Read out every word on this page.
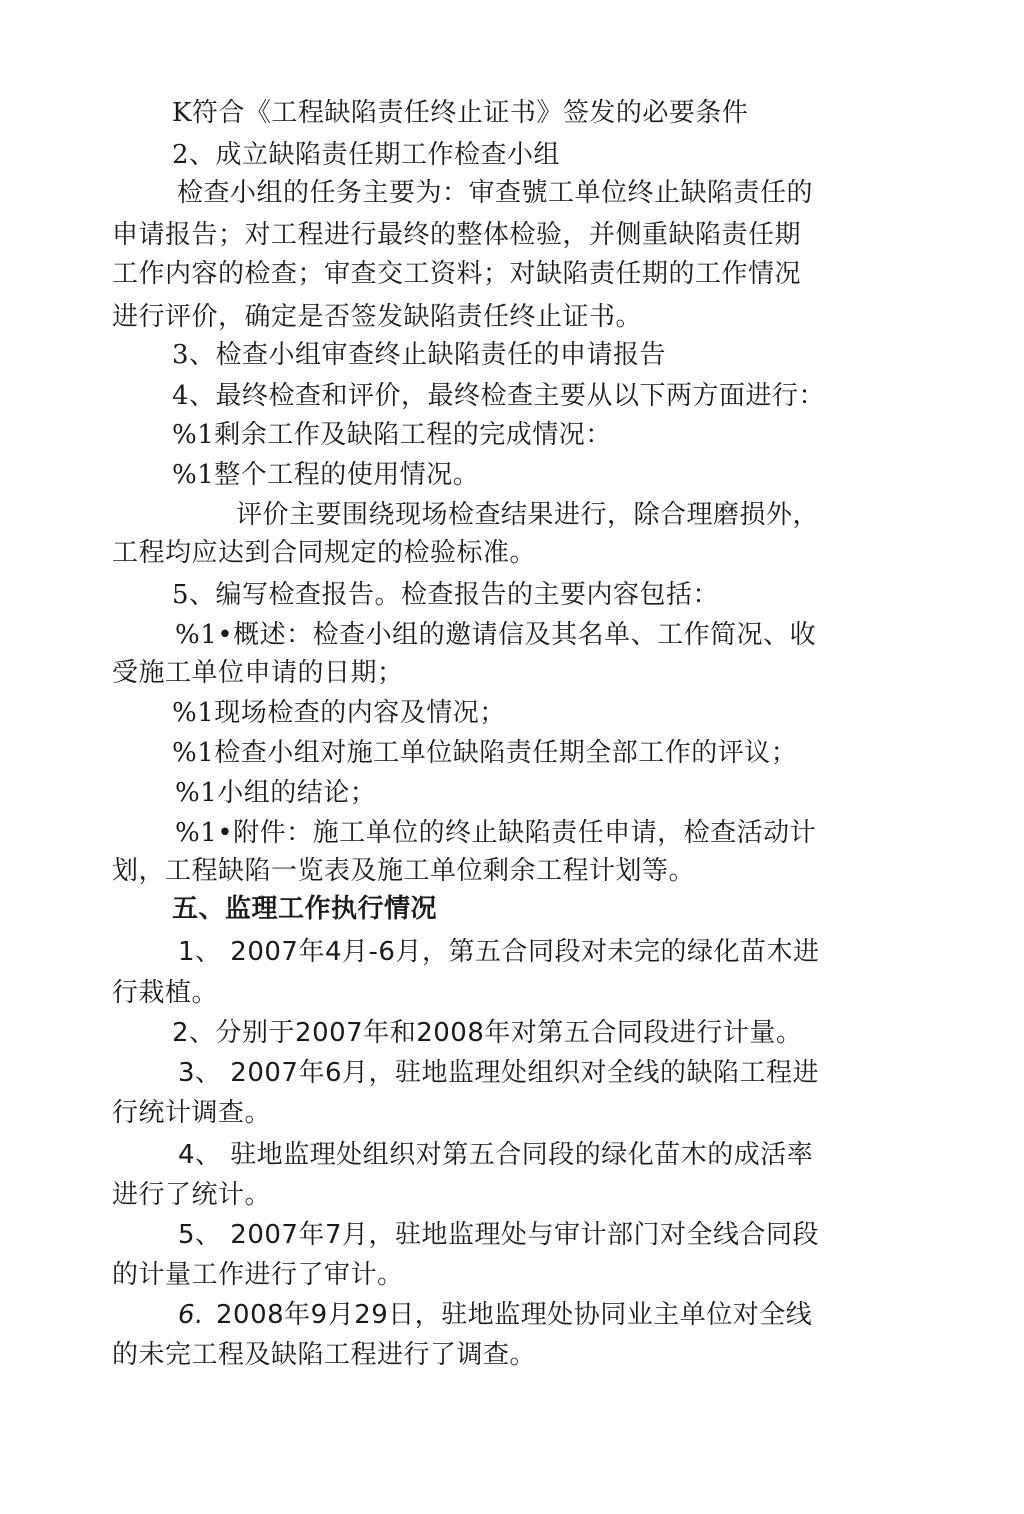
K符合《工程缺陷责任终止证书》签发的必要条件
2、成立缺陷责任期工作检查小组
检查小组的任务主要为：审查號工单位终止缺陷责任的
申请报告；对工程进行最终的整体检验，并侧重缺陷责任期
工作内容的检查；审查交工资料；对缺陷责任期的工作情况
进行评价，确定是否签发缺陷责任终止证书。
3、检查小组审查终止缺陷责任的申请报告
4、最终检查和评价，最终检查主要从以下两方面进行：
%1剩余工作及缺陷工程的完成情况：
%1整个工程的使用情况。
评价主要围绕现场检查结果进行，除合理磨损外，
工程均应达到合同规定的检验标准。
5、编写检查报告。检查报告的主要内容包括：
%1•概述：检查小组的邀请信及其名单、工作简况、收
受施工单位申请的日期；
%1现场检查的内容及情况；
%1检查小组对施工单位缺陷责任期全部工作的评议；
%1小组的结论；
%1•附件：施工单位的终止缺陷责任申请，检查活动计
划，工程缺陷一览表及施工单位剩余工程计划等。
五、监理工作执行情况
1、 2007年4月-6月，第五合同段对未完的绿化苗木进
行栽植。
2、分别于2007年和2008年对第五合同段进行计量。
3、 2007年6月，驻地监理处组织对全线的缺陷工程进
行统计调查。
4、 驻地监理处组织对第五合同段的绿化苗木的成活率
进行了统计。
5、 2007年7月，驻地监理处与审计部门对全线合同段
的计量工作进行了审计。
6. 2008年9月29日，驻地监理处协同业主单位对全线
的未完工程及缺陷工程进行了调查。
